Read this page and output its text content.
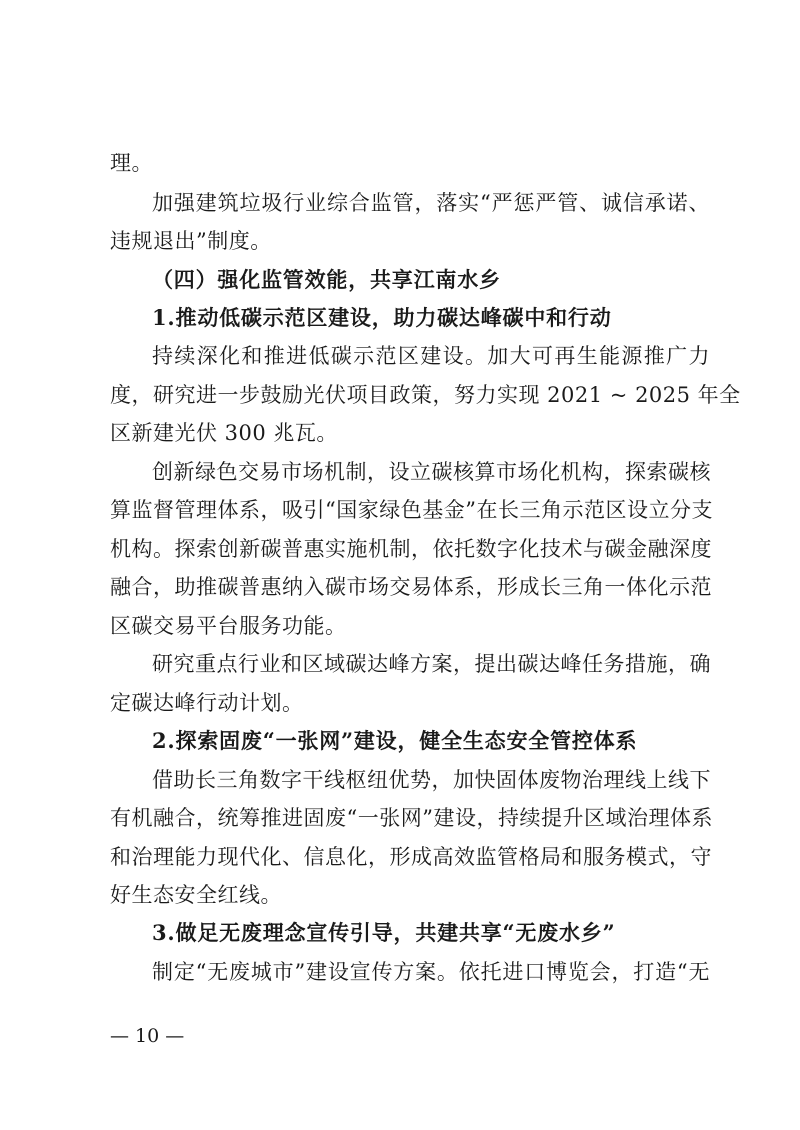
理。
加强建筑垃圾行业综合监管，落实“严惩严管、诚信承诺、
违规退出”制度。
（四）强化监管效能，共享江南水乡
1.推动低碳示范区建设，助力碳达峰碳中和行动
持续深化和推进低碳示范区建设。加大可再生能源推广力
度，研究进一步鼓励光伏项目政策，努力实现 2021 ~ 2025 年全
区新建光伏 300 兆瓦。
创新绿色交易市场机制，设立碳核算市场化机构，探索碳核
算监督管理体系，吸引“国家绿色基金”在长三角示范区设立分支
机构。探索创新碳普惠实施机制，依托数字化技术与碳金融深度
融合，助推碳普惠纳入碳市场交易体系，形成长三角一体化示范
区碳交易平台服务功能。
研究重点行业和区域碳达峰方案，提出碳达峰任务措施，确
定碳达峰行动计划。
2.探索固废“一张网”建设，健全生态安全管控体系
借助长三角数字干线枢纽优势，加快固体废物治理线上线下
有机融合，统筹推进固废“一张网”建设，持续提升区域治理体系
和治理能力现代化、信息化，形成高效监管格局和服务模式，守
好生态安全红线。
3.做足无废理念宣传引导，共建共享“无废水乡”
制定“无废城市”建设宣传方案。依托进口博览会，打造“无
— 10 —
